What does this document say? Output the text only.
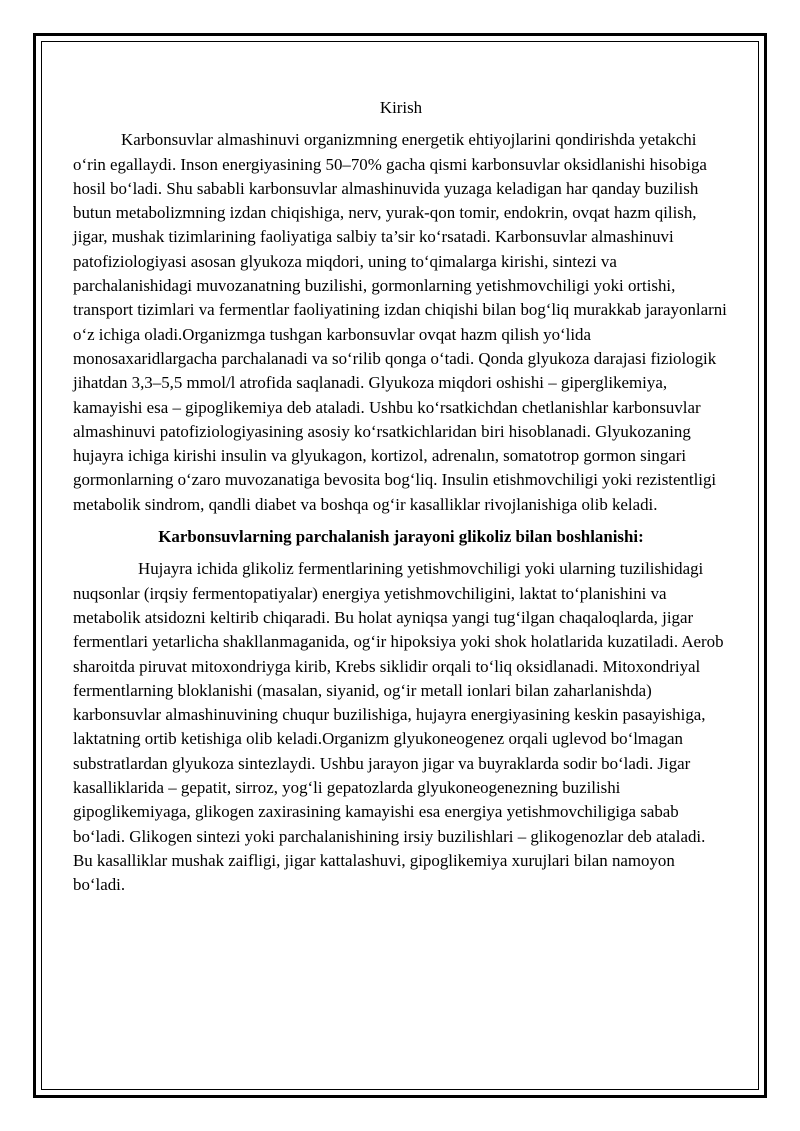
Kirish

Karbonsuvlar almashinuvi organizmning energetik ehtiyojlarini qondirishda yetakchi o‘rin egallaydi. Inson energiyasining 50–70% gacha qismi karbonsuvlar oksidlanishi hisobiga hosil bo‘ladi. Shu sababli karbonsuvlar almashinuvida yuzaga keladigan har qanday buzilish butun metabolizmning izdan chiqishiga, nerv, yurak-qon tomir, endokrin, ovqat hazm qilish, jigar, mushak tizimlarining faoliyatiga salbiy ta’sir ko‘rsatadi. Karbonsuvlar almashinuvi patofiziologiyasi asosan glyukoza miqdori, uning to‘qimalarga kirishi, sintezi va parchalanishidagi muvozanatning buzilishi, gormonlarning yetishmovchiligi yoki ortishi, transport tizimlari va fermentlar faoliyatining izdan chiqishi bilan bog‘liq murakkab jarayonlarni o‘z ichiga oladi.Organizmga tushgan karbonsuvlar ovqat hazm qilish yo‘lida monosaxaridlargacha parchalanadi va so‘rilib qonga o‘tadi. Qonda glyukoza darajasi fiziologik jihatdan 3,3–5,5 mmol/l atrofida saqlanadi. Glyukoza miqdori oshishi – giperglikemiya, kamayishi esa – gipoglikemiya deb ataladi. Ushbu ko‘rsatkichdan chetlanishlar karbonsuvlar almashinuvi patofiziologiyasining asosiy ko‘rsatkichlaridan biri hisoblanadi. Glyukozaning hujayra ichiga kirishi insulin va glyukagon, kortizol, adrenalın, somatotrop gormon singari gormonlarning o‘zaro muvozanatiga bevosita bog‘liq. Insulin etishmovchiligi yoki rezistentligi metabolik sindrom, qandli diabet va boshqa og‘ir kasalliklar rivojlanishiga olib keladi.

Karbonsuvlarning parchalanish jarayoni glikoliz bilan boshlanishi:

Hujayra ichida glikoliz fermentlarining yetishmovchiligi yoki ularning tuzilishidagi nuqsonlar (irqsiy fermentopatiyalar) energiya yetishmovchiligini, laktat to‘planishini va metabolik atsidozni keltirib chiqaradi. Bu holat ayniqsa yangi tug‘ilgan chaqaloqlarda, jigar fermentlari yetarlicha shakllanmaganida, og‘ir hipoksiya yoki shok holatlarida kuzatiladi. Aerob sharoitda piruvat mitoxondriyga kirib, Krebs siklidir orqali to‘liq oksidlanadi. Mitoxondriyal fermentlarning bloklanishi (masalan, siyanid, og‘ir metall ionlari bilan zaharlanishda) karbonsuvlar almashinuvining chuqur buzilishiga, hujayra energiyasining keskin pasayishiga, laktatning ortib ketishiga olib keladi.Organizm glyukoneogenez orqali uglevod bo‘lmagan substratlardan glyukoza sintezlaydi. Ushbu jarayon jigar va buyraklarda sodir bo‘ladi. Jigar kasalliklarida – gepatit, sirroz, yog‘li gepatozlarda glyukoneogenezning buzilishi gipoglikemiyaga, glikogen zaxirasining kamayishi esa energiya yetishmovchiligiga sabab bo‘ladi. Glikogen sintezi yoki parchalanishining irsiy buzilishlari – glikogenozlar deb ataladi. Bu kasalliklar mushak zaifligi, jigar kattalashuvi, gipoglikemiya xurujlari bilan namoyon bo‘ladi.
